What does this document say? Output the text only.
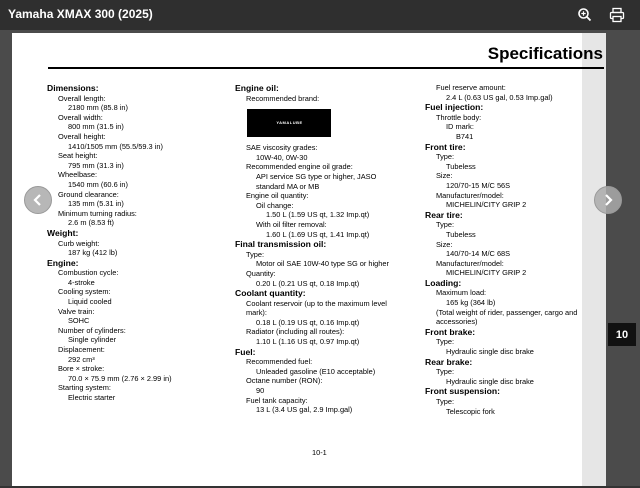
Yamaha XMAX 300 (2025)
Specifications
Dimensions:
Overall length:
2180 mm (85.8 in)
Overall width:
800 mm (31.5 in)
Overall height:
1410/1505 mm (55.5/59.3 in)
Seat height:
795 mm (31.3 in)
Wheelbase:
1540 mm (60.6 in)
Ground clearance:
135 mm (5.31 in)
Minimum turning radius:
2.6 m (8.53 ft)
Weight:
Curb weight:
187 kg (412 lb)
Engine:
Combustion cycle:
4-stroke
Cooling system:
Liquid cooled
Valve train:
SOHC
Number of cylinders:
Single cylinder
Displacement:
292 cm³
Bore × stroke:
70.0 × 75.9 mm (2.76 × 2.99 in)
Starting system:
Electric starter
Engine oil:
Recommended brand:
YAMALUBE
SAE viscosity grades:
10W-40, 0W-30
Recommended engine oil grade:
API service SG type or higher, JASO
standard MA or MB
Engine oil quantity:
Oil change:
1.50 L (1.59 US qt, 1.32 Imp.qt)
With oil filter removal:
1.60 L (1.69 US qt, 1.41 Imp.qt)
Final transmission oil:
Type:
Motor oil SAE 10W-40 type SG or higher
Quantity:
0.20 L (0.21 US qt, 0.18 Imp.qt)
Coolant quantity:
Coolant reservoir (up to the maximum level
mark):
0.18 L (0.19 US qt, 0.16 Imp.qt)
Radiator (including all routes):
1.10 L (1.16 US qt, 0.97 Imp.qt)
Fuel:
Recommended fuel:
Unleaded gasoline (E10 acceptable)
Octane number (RON):
90
Fuel tank capacity:
13 L (3.4 US gal, 2.9 Imp.gal)
Fuel reserve amount:
2.4 L (0.63 US gal, 0.53 Imp.gal)
Fuel injection:
Throttle body:
ID mark:
B741
Front tire:
Type:
Tubeless
Size:
120/70-15 M/C 56S
Manufacturer/model:
MICHELIN/CITY GRIP 2
Rear tire:
Type:
Tubeless
Size:
140/70-14 M/C 68S
Manufacturer/model:
MICHELIN/CITY GRIP 2
Loading:
Maximum load:
165 kg (364 lb)
(Total weight of rider, passenger, cargo and
accessories)
Front brake:
Type:
Hydraulic single disc brake
Rear brake:
Type:
Hydraulic single disc brake
Front suspension:
Type:
Telescopic fork
10-1
10
